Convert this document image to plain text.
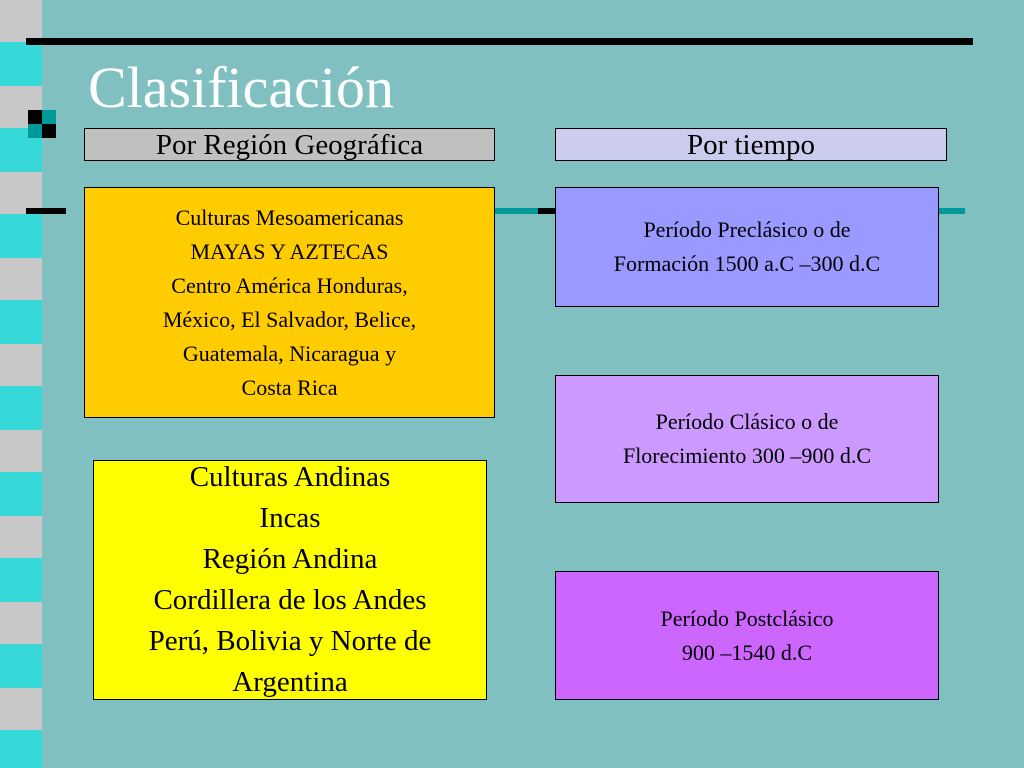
Clasificación
Por Región Geográfica	Por tiempo
Culturas Mesoamericanas
MAYAS Y AZTECAS
Centro América Honduras,
México, El Salvador, Belice,
Guatemala, Nicaragua y
Costa Rica
Culturas Andinas
Incas
Región Andina
Cordillera de los Andes
Perú, Bolivia y Norte de
Argentina
Período Preclásico o de
Formación 1500 a.C –300 d.C
Período Clásico o de
Florecimiento 300 –900 d.C
Período Postclásico
900 –1540 d.C
